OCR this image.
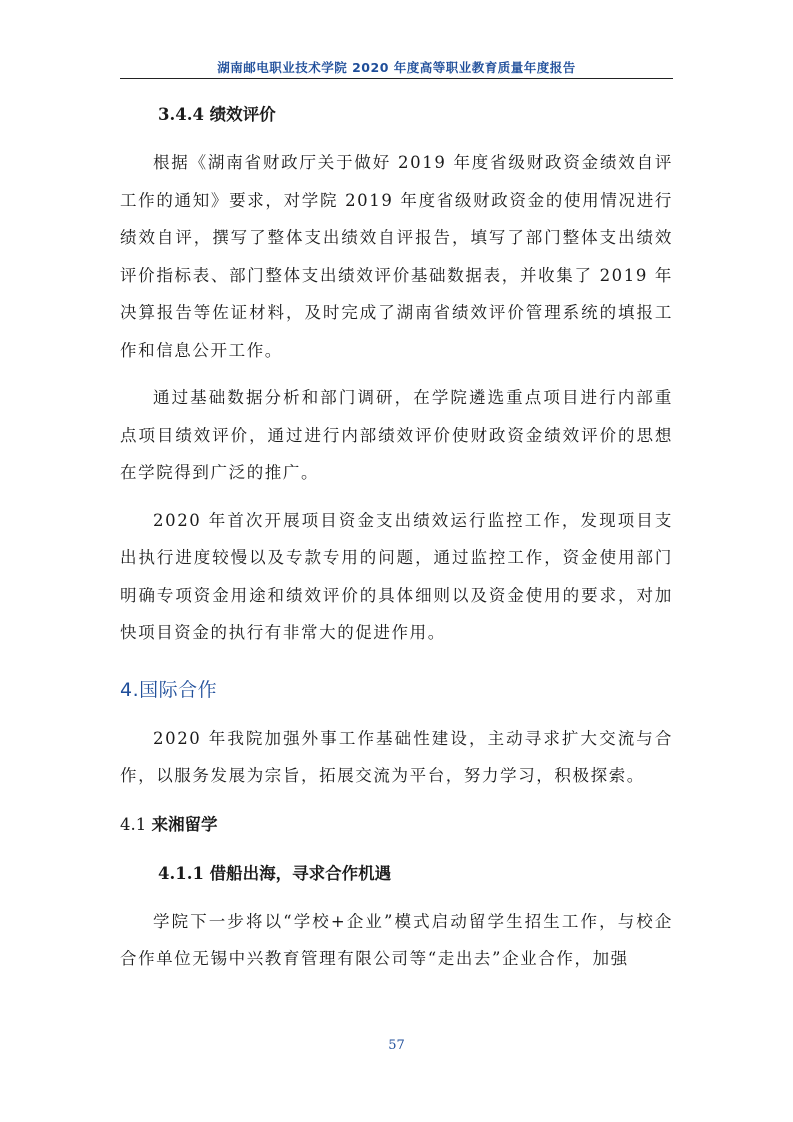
湖南邮电职业技术学院 2020 年度高等职业教育质量年度报告
3.4.4 绩效评价

根据《湖南省财政厅关于做好 2019 年度省级财政资金绩效自评工作的通知》要求，对学院 2019 年度省级财政资金的使用情况进行绩效自评，撰写了整体支出绩效自评报告，填写了部门整体支出绩效评价指标表、部门整体支出绩效评价基础数据表，并收集了 2019 年决算报告等佐证材料，及时完成了湖南省绩效评价管理系统的填报工作和信息公开工作。

通过基础数据分析和部门调研，在学院遴选重点项目进行内部重点项目绩效评价，通过进行内部绩效评价使财政资金绩效评价的思想在学院得到广泛的推广。

2020 年首次开展项目资金支出绩效运行监控工作，发现项目支出执行进度较慢以及专款专用的问题，通过监控工作，资金使用部门明确专项资金用途和绩效评价的具体细则以及资金使用的要求，对加快项目资金的执行有非常大的促进作用。

4.国际合作

2020 年我院加强外事工作基础性建设，主动寻求扩大交流与合作，以服务发展为宗旨，拓展交流为平台，努力学习，积极探索。

4.1 来湘留学
4.1.1 借船出海，寻求合作机遇

学院下一步将以“学校+企业”模式启动留学生招生工作，与校企合作单位无锡中兴教育管理有限公司等“走出去”企业合作，加强

57
